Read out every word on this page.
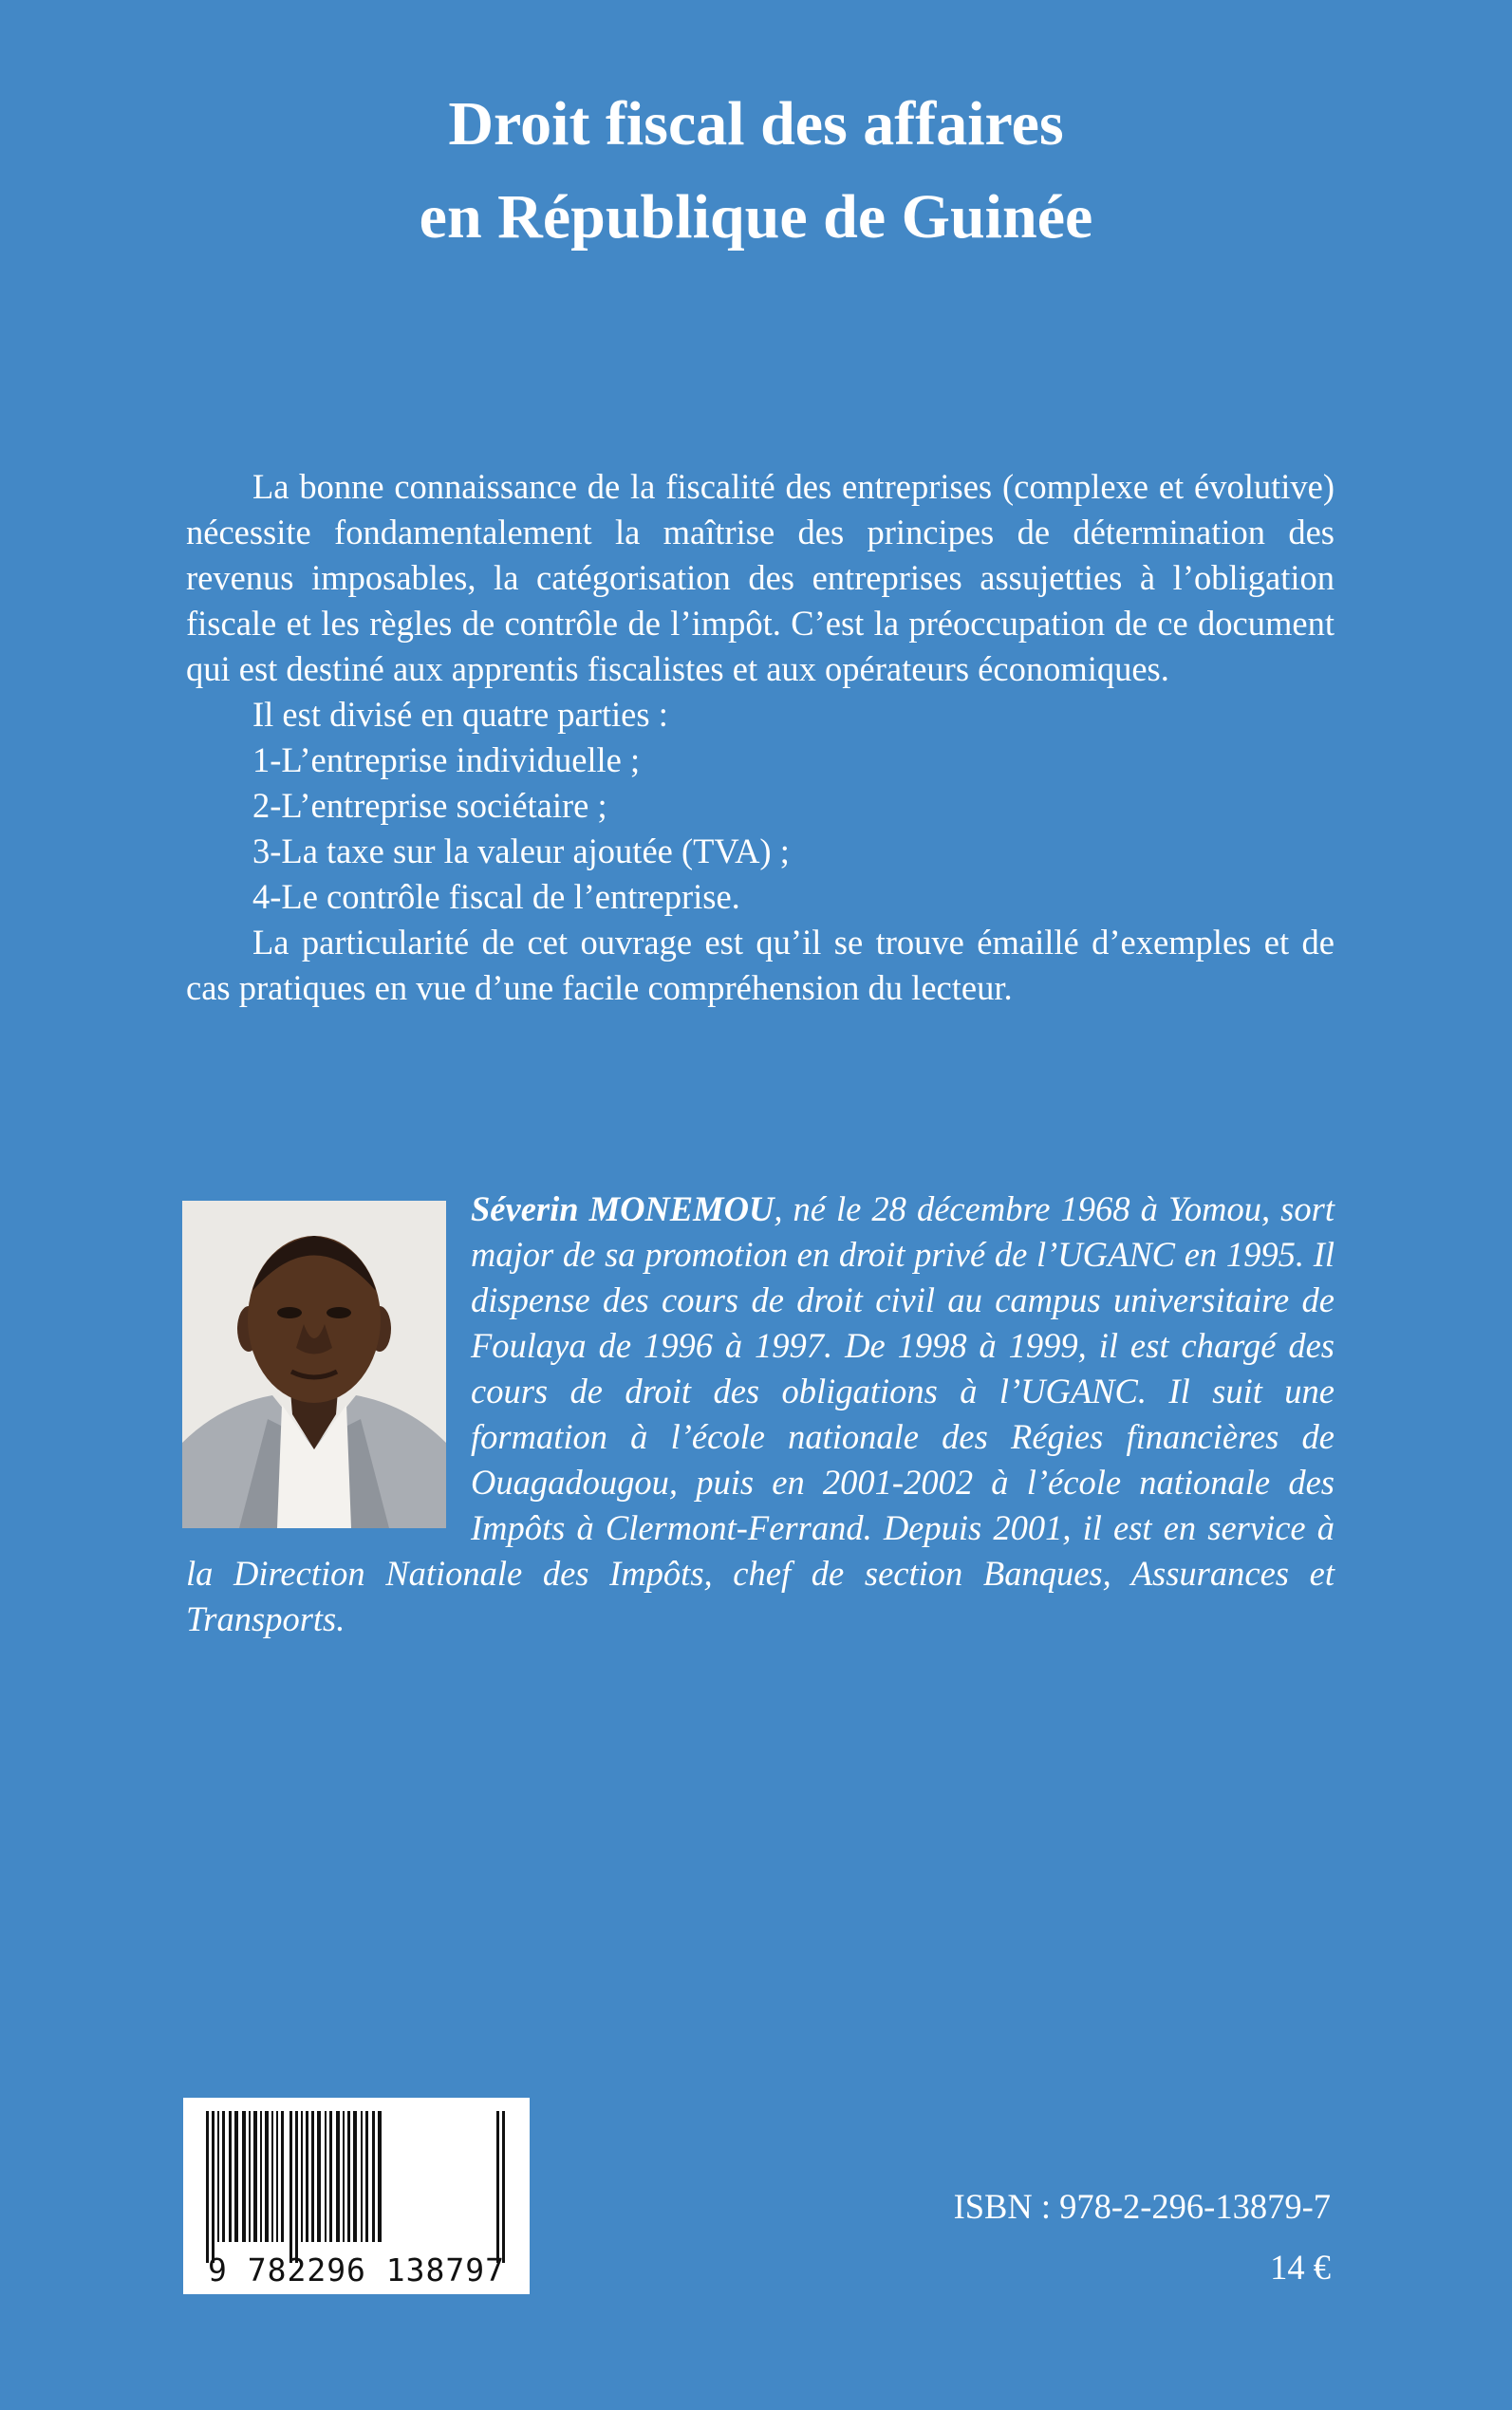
Droit fiscal des affaires
en République de Guinée

La bonne connaissance de la fiscalité des entreprises (complexe et évolutive) nécessite fondamentalement la maîtrise des principes de détermination des revenus imposables, la catégorisation des entreprises assujetties à l’obligation fiscale et les règles de contrôle de l’impôt. C’est la préoccupation de ce document qui est destiné aux apprentis fiscalistes et aux opérateurs économiques.

Il est divisé en quatre parties :

1-L’entreprise individuelle ;

2-L’entreprise sociétaire ;

3-La taxe sur la valeur ajoutée (TVA) ;

4-Le contrôle fiscal de l’entreprise.

La particularité de cet ouvrage est qu’il se trouve émaillé d’exemples et de cas pratiques en vue d’une facile compréhension du lecteur.

Séverin MONEMOU, né le 28 décembre 1968 à Yomou, sort major de sa promotion en droit privé de l’UGANC en 1995. Il dispense des cours de droit civil au campus universitaire de Foulaya de 1996 à 1997. De 1998 à 1999, il est chargé des cours de droit des obligations à l’UGANC. Il suit une formation à l’école nationale des Régies financières de Ouagadougou, puis en 2001-2002 à l’école nationale des Impôts à Clermont-Ferrand. Depuis 2001, il est en service à la Direction Nationale des Impôts, chef de section Banques, Assurances et Transports.

9 782296 138797
ISBN : 978-2-296-13879-7
14 €
